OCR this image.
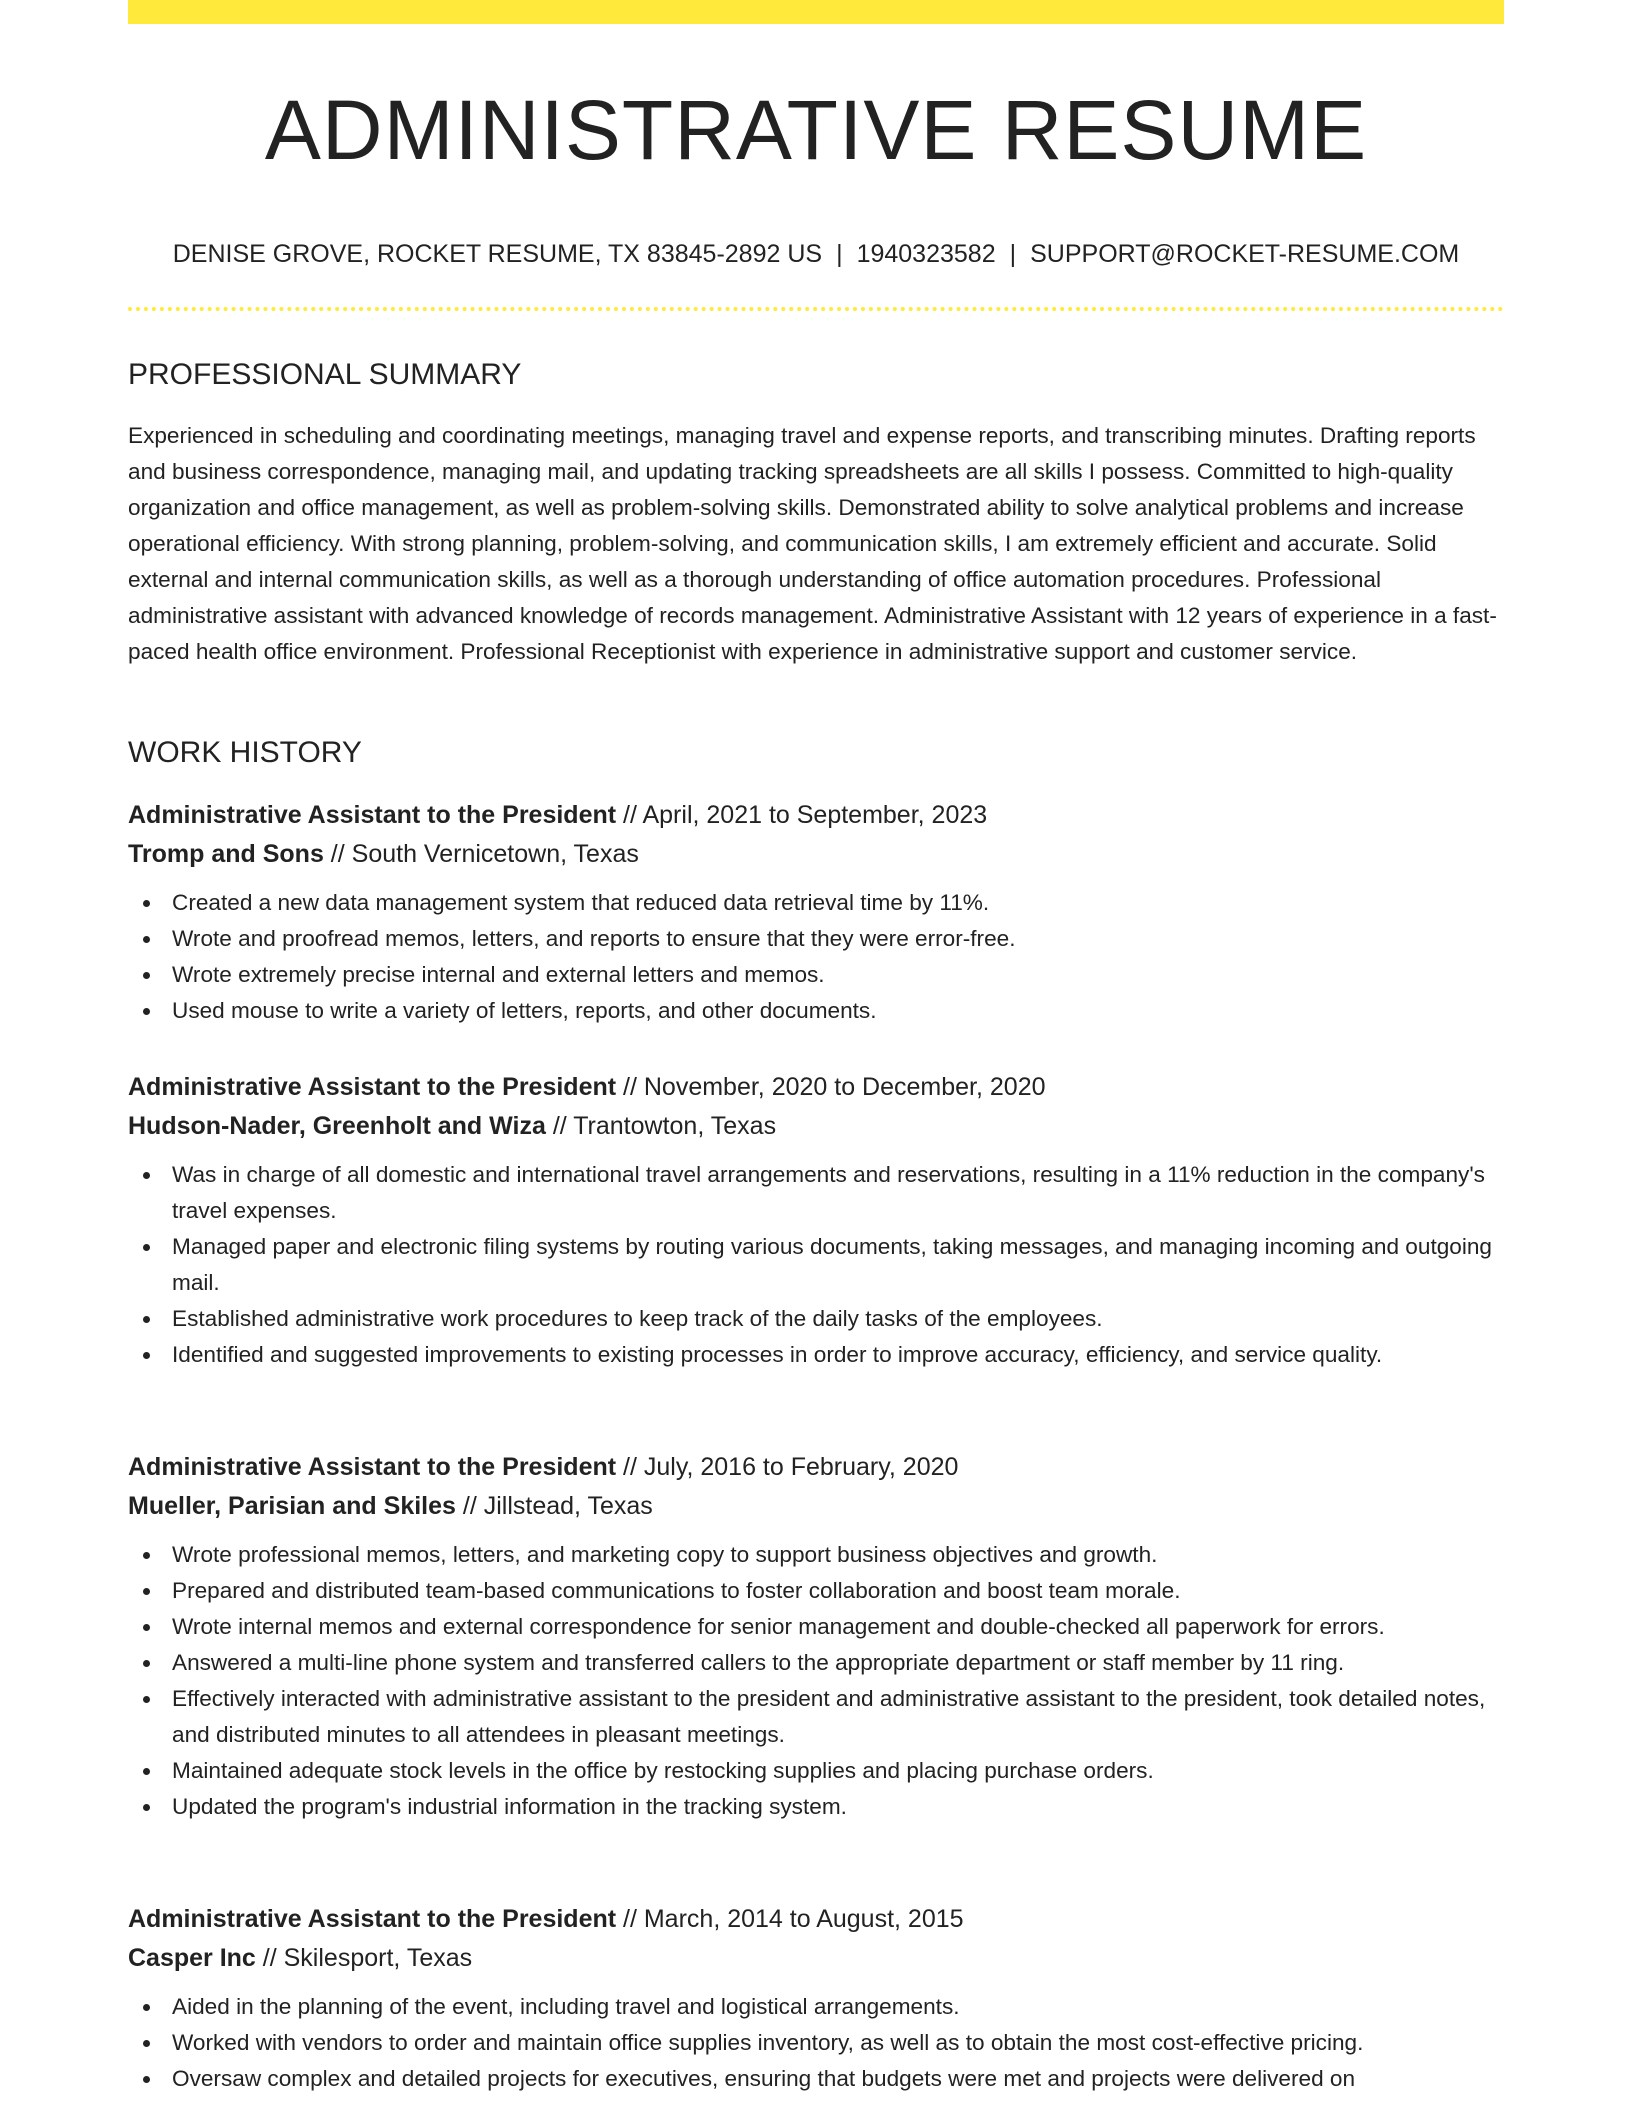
ADMINISTRATIVE RESUME
DENISE GROVE, ROCKET RESUME, TX 83845-2892 US | 1940323582 | SUPPORT@ROCKET-RESUME.COM
PROFESSIONAL SUMMARY

Experienced in scheduling and coordinating meetings, managing travel and expense reports, and transcribing minutes. Drafting reports and business correspondence, managing mail, and updating tracking spreadsheets are all skills I possess. Committed to high-quality organization and office management, as well as problem-solving skills. Demonstrated ability to solve analytical problems and increase operational efficiency. With strong planning, problem-solving, and communication skills, I am extremely efficient and accurate. Solid external and internal communication skills, as well as a thorough understanding of office automation procedures. Professional administrative assistant with advanced knowledge of records management. Administrative Assistant with 12 years of experience in a fast-paced health office environment. Professional Receptionist with experience in administrative support and customer service.

WORK HISTORY
Administrative Assistant to the President // April, 2021 to September, 2023
Tromp and Sons // South Vernicetown, Texas
Created a new data management system that reduced data retrieval time by 11%.
Wrote and proofread memos, letters, and reports to ensure that they were error-free.
Wrote extremely precise internal and external letters and memos.
Used mouse to write a variety of letters, reports, and other documents.
Administrative Assistant to the President // November, 2020 to December, 2020
Hudson-Nader, Greenholt and Wiza // Trantowton, Texas
Was in charge of all domestic and international travel arrangements and reservations, resulting in a 11% reduction in the company's travel expenses.
Managed paper and electronic filing systems by routing various documents, taking messages, and managing incoming and outgoing mail.
Established administrative work procedures to keep track of the daily tasks of the employees.
Identified and suggested improvements to existing processes in order to improve accuracy, efficiency, and service quality.
Administrative Assistant to the President // July, 2016 to February, 2020
Mueller, Parisian and Skiles // Jillstead, Texas
Wrote professional memos, letters, and marketing copy to support business objectives and growth.
Prepared and distributed team-based communications to foster collaboration and boost team morale.
Wrote internal memos and external correspondence for senior management and double-checked all paperwork for errors.
Answered a multi-line phone system and transferred callers to the appropriate department or staff member by 11 ring.
Effectively interacted with administrative assistant to the president and administrative assistant to the president, took detailed notes, and distributed minutes to all attendees in pleasant meetings.
Maintained adequate stock levels in the office by restocking supplies and placing purchase orders.
Updated the program's industrial information in the tracking system.
Administrative Assistant to the President // March, 2014 to August, 2015
Casper Inc // Skilesport, Texas
Aided in the planning of the event, including travel and logistical arrangements.
Worked with vendors to order and maintain office supplies inventory, as well as to obtain the most cost-effective pricing.
Oversaw complex and detailed projects for executives, ensuring that budgets were met and projects were delivered on
